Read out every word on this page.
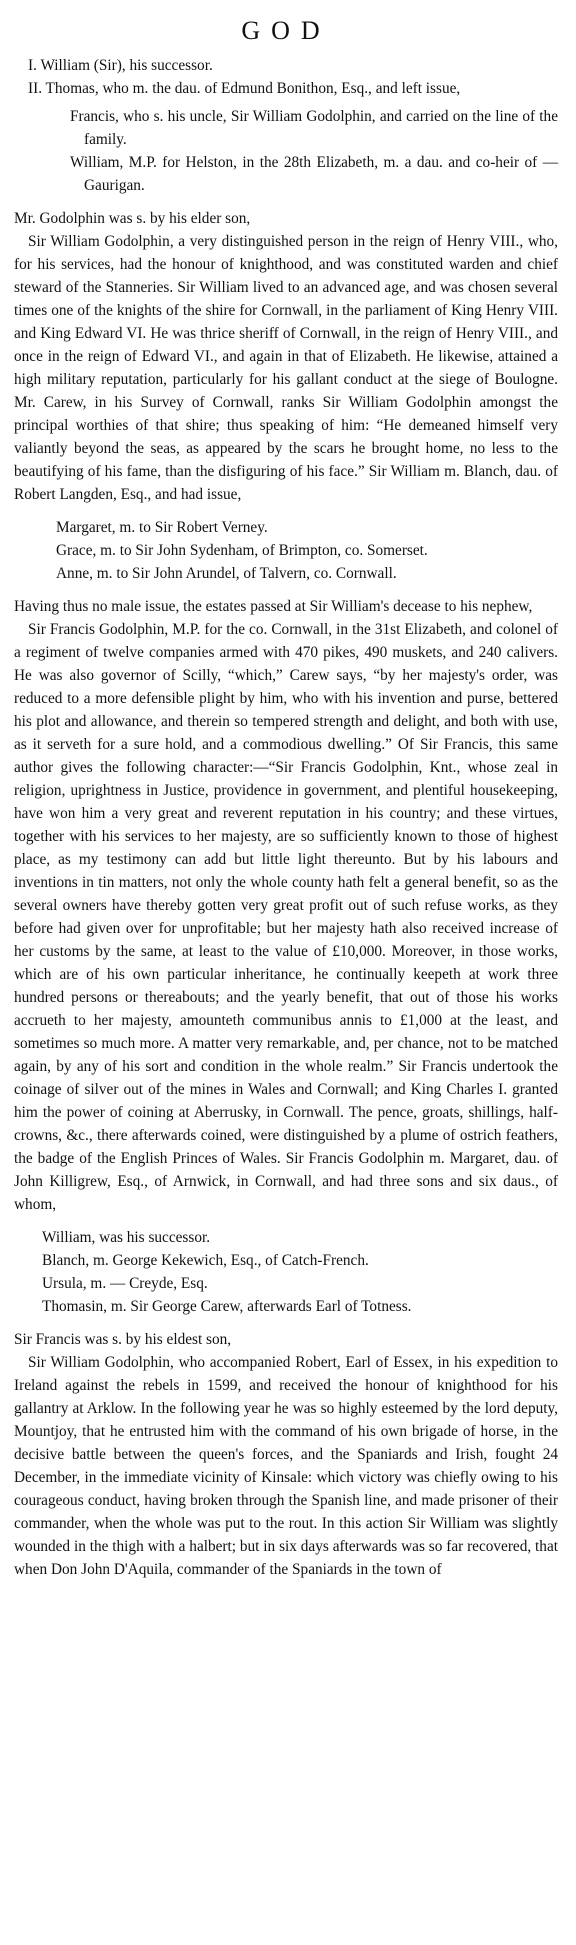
GOD
I. William (Sir), his successor.
II. Thomas, who m. the dau. of Edmund Bonithon, Esq., and left issue,
Francis, who s. his uncle, Sir William Godolphin, and carried on the line of the family.
William, M.P. for Helston, in the 28th Elizabeth, m. a dau. and co-heir of — Gaurigan.

Mr. Godolphin was s. by his elder son,

Sir William Godolphin, a very distinguished person in the reign of Henry VIII., who, for his services, had the honour of knighthood, and was constituted warden and chief steward of the Stanneries. Sir William lived to an advanced age, and was chosen several times one of the knights of the shire for Cornwall, in the parliament of King Henry VIII. and King Edward VI. He was thrice sheriff of Cornwall, in the reign of Henry VIII., and once in the reign of Edward VI., and again in that of Elizabeth. He likewise, attained a high military reputation, particularly for his gallant conduct at the siege of Boulogne. Mr. Carew, in his Survey of Cornwall, ranks Sir William Godolphin amongst the principal worthies of that shire; thus speaking of him: “He demeaned himself very valiantly beyond the seas, as appeared by the scars he brought home, no less to the beautifying of his fame, than the disfiguring of his face.” Sir William m. Blanch, dau. of Robert Langden, Esq., and had issue,

Margaret, m. to Sir Robert Verney.
Grace, m. to Sir John Sydenham, of Brimpton, co. Somerset.
Anne, m. to Sir John Arundel, of Talvern, co. Cornwall.

Having thus no male issue, the estates passed at Sir William's decease to his nephew,

Sir Francis Godolphin, M.P. for the co. Cornwall, in the 31st Elizabeth, and colonel of a regiment of twelve companies armed with 470 pikes, 490 muskets, and 240 calivers. He was also governor of Scilly, “which,” Carew says, “by her majesty's order, was reduced to a more defensible plight by him, who with his invention and purse, bettered his plot and allowance, and therein so tempered strength and delight, and both with use, as it serveth for a sure hold, and a commodious dwelling.” Of Sir Francis, this same author gives the following character:—“Sir Francis Godolphin, Knt., whose zeal in religion, uprightness in Justice, providence in government, and plentiful housekeeping, have won him a very great and reverent reputation in his country; and these virtues, together with his services to her majesty, are so sufficiently known to those of highest place, as my testimony can add but little light thereunto. But by his labours and inventions in tin matters, not only the whole county hath felt a general benefit, so as the several owners have thereby gotten very great profit out of such refuse works, as they before had given over for unprofitable; but her majesty hath also received increase of her customs by the same, at least to the value of £10,000. Moreover, in those works, which are of his own particular inheritance, he continually keepeth at work three hundred persons or thereabouts; and the yearly benefit, that out of those his works accrueth to her majesty, amounteth communibus annis to £1,000 at the least, and sometimes so much more. A matter very remarkable, and, per chance, not to be matched again, by any of his sort and condition in the whole realm.” Sir Francis undertook the coinage of silver out of the mines in Wales and Cornwall; and King Charles I. granted him the power of coining at Aberrusky, in Cornwall. The pence, groats, shillings, half-crowns, &c., there afterwards coined, were distinguished by a plume of ostrich feathers, the badge of the English Princes of Wales. Sir Francis Godolphin m. Margaret, dau. of John Killigrew, Esq., of Arnwick, in Cornwall, and had three sons and six daus., of whom,

William, was his successor.
Blanch, m. George Kekewich, Esq., of Catch-French.
Ursula, m. — Creyde, Esq.
Thomasin, m. Sir George Carew, afterwards Earl of Totness.

Sir Francis was s. by his eldest son,

Sir William Godolphin, who accompanied Robert, Earl of Essex, in his expedition to Ireland against the rebels in 1599, and received the honour of knighthood for his gallantry at Arklow. In the following year he was so highly esteemed by the lord deputy, Mountjoy, that he entrusted him with the command of his own brigade of horse, in the decisive battle between the queen's forces, and the Spaniards and Irish, fought 24 December, in the immediate vicinity of Kinsale: which victory was chiefly owing to his courageous conduct, having broken through the Spanish line, and made prisoner of their commander, when the whole was put to the rout. In this action Sir William was slightly wounded in the thigh with a halbert; but in six days afterwards was so far recovered, that when Don John D'Aquila, commander of the Spaniards in the town of
